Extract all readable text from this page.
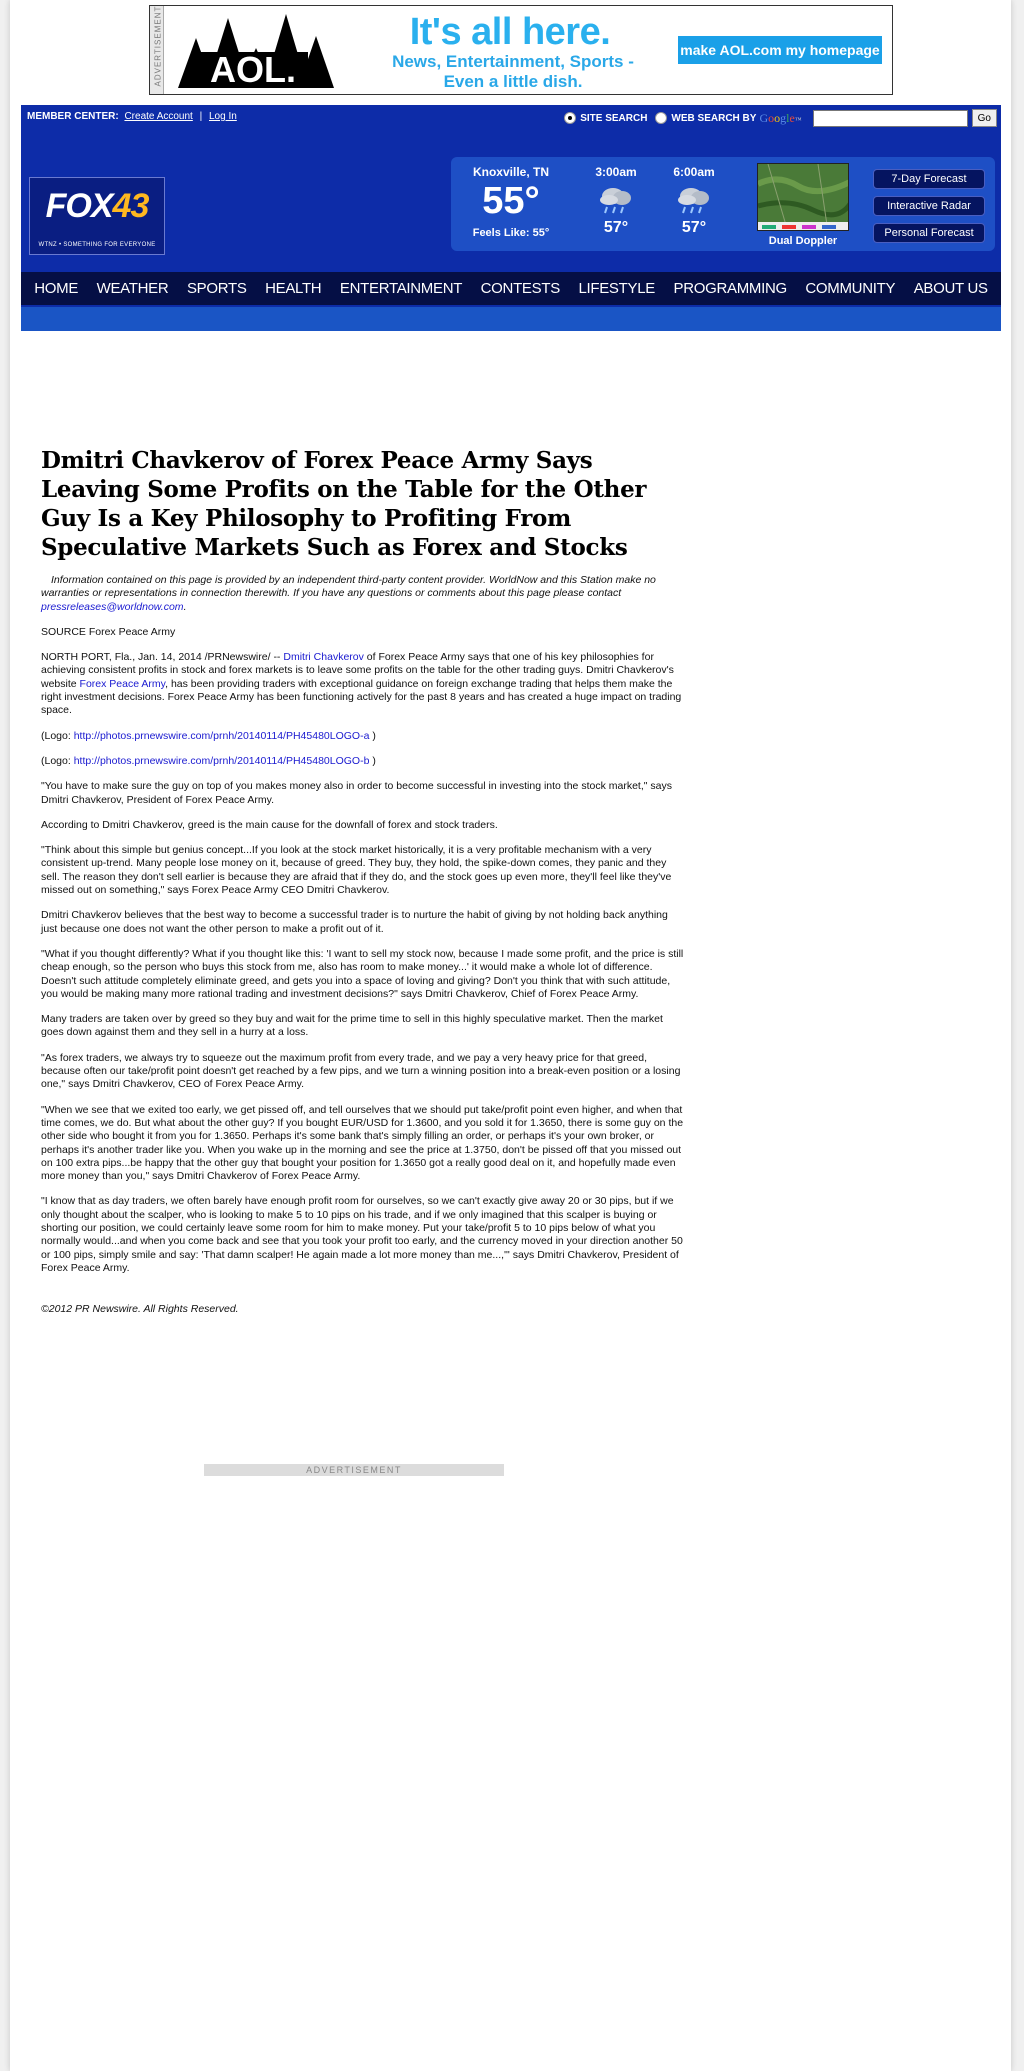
ADVERTISEMENT AOL.
It's all here.
News, Entertainment, Sports -
Even a little dish.
make AOL.com my homepage
MEMBER CENTER: Create Account | Log In	SITE SEARCH WEB SEARCH BY Google™	Go
FOX43
WTNZ • SOMETHING FOR EVERYONE
Knoxville, TN
55°
Feels Like: 55°
3:00am
57°
6:00am
57°
Dual Doppler
7-Day Forecast
Interactive Radar
Personal Forecast
HOME WEATHER SPORTS HEALTH ENTERTAINMENT CONTESTS LIFESTYLE PROGRAMMING COMMUNITY ABOUT US
Dmitri Chavkerov of Forex Peace Army Says Leaving Some Profits on the Table for the Other Guy Is a Key Philosophy to Profiting From Speculative Markets Such as Forex and Stocks

Information contained on this page is provided by an independent third-party content provider. WorldNow and this Station make no warranties or representations in connection therewith. If you have any questions or comments about this page please contact pressreleases@worldnow.com.

SOURCE Forex Peace Army

NORTH PORT, Fla., Jan. 14, 2014 /PRNewswire/ -- Dmitri Chavkerov of Forex Peace Army says that one of his key philosophies for achieving consistent profits in stock and forex markets is to leave some profits on the table for the other trading guys. Dmitri Chavkerov's website Forex Peace Army, has been providing traders with exceptional guidance on foreign exchange trading that helps them make the right investment decisions. Forex Peace Army has been functioning actively for the past 8 years and has created a huge impact on trading space.

(Logo: http://photos.prnewswire.com/prnh/20140114/PH45480LOGO-a )

(Logo: http://photos.prnewswire.com/prnh/20140114/PH45480LOGO-b )

"You have to make sure the guy on top of you makes money also in order to become successful in investing into the stock market," says Dmitri Chavkerov, President of Forex Peace Army.

According to Dmitri Chavkerov, greed is the main cause for the downfall of forex and stock traders.

"Think about this simple but genius concept...If you look at the stock market historically, it is a very profitable mechanism with a very consistent up-trend. Many people lose money on it, because of greed. They buy, they hold, the spike-down comes, they panic and they sell. The reason they don't sell earlier is because they are afraid that if they do, and the stock goes up even more, they'll feel like they've missed out on something," says Forex Peace Army CEO Dmitri Chavkerov.

Dmitri Chavkerov believes that the best way to become a successful trader is to nurture the habit of giving by not holding back anything just because one does not want the other person to make a profit out of it.

"What if you thought differently? What if you thought like this: 'I want to sell my stock now, because I made some profit, and the price is still cheap enough, so the person who buys this stock from me, also has room to make money...' it would make a whole lot of difference. Doesn't such attitude completely eliminate greed, and gets you into a space of loving and giving? Don't you think that with such attitude, you would be making many more rational trading and investment decisions?" says Dmitri Chavkerov, Chief of Forex Peace Army.

Many traders are taken over by greed so they buy and wait for the prime time to sell in this highly speculative market. Then the market goes down against them and they sell in a hurry at a loss.

"As forex traders, we always try to squeeze out the maximum profit from every trade, and we pay a very heavy price for that greed, because often our take/profit point doesn't get reached by a few pips, and we turn a winning position into a break-even position or a losing one," says Dmitri Chavkerov, CEO of Forex Peace Army.

"When we see that we exited too early, we get pissed off, and tell ourselves that we should put take/profit point even higher, and when that time comes, we do. But what about the other guy? If you bought EUR/USD for 1.3600, and you sold it for 1.3650, there is some guy on the other side who bought it from you for 1.3650. Perhaps it's some bank that's simply filling an order, or perhaps it's your own broker, or perhaps it's another trader like you. When you wake up in the morning and see the price at 1.3750, don't be pissed off that you missed out on 100 extra pips...be happy that the other guy that bought your position for 1.3650 got a really good deal on it, and hopefully made even more money than you," says Dmitri Chavkerov of Forex Peace Army.

"I know that as day traders, we often barely have enough profit room for ourselves, so we can't exactly give away 20 or 30 pips, but if we only thought about the scalper, who is looking to make 5 to 10 pips on his trade, and if we only imagined that this scalper is buying or shorting our position, we could certainly leave some room for him to make money. Put your take/profit 5 to 10 pips below of what you normally would...and when you come back and see that you took your profit too early, and the currency moved in your direction another 50 or 100 pips, simply smile and say: 'That damn scalper! He again made a lot more money than me...,'" says Dmitri Chavkerov, President of Forex Peace Army.

©2012 PR Newswire. All Rights Reserved.

ADVERTISEMENT
